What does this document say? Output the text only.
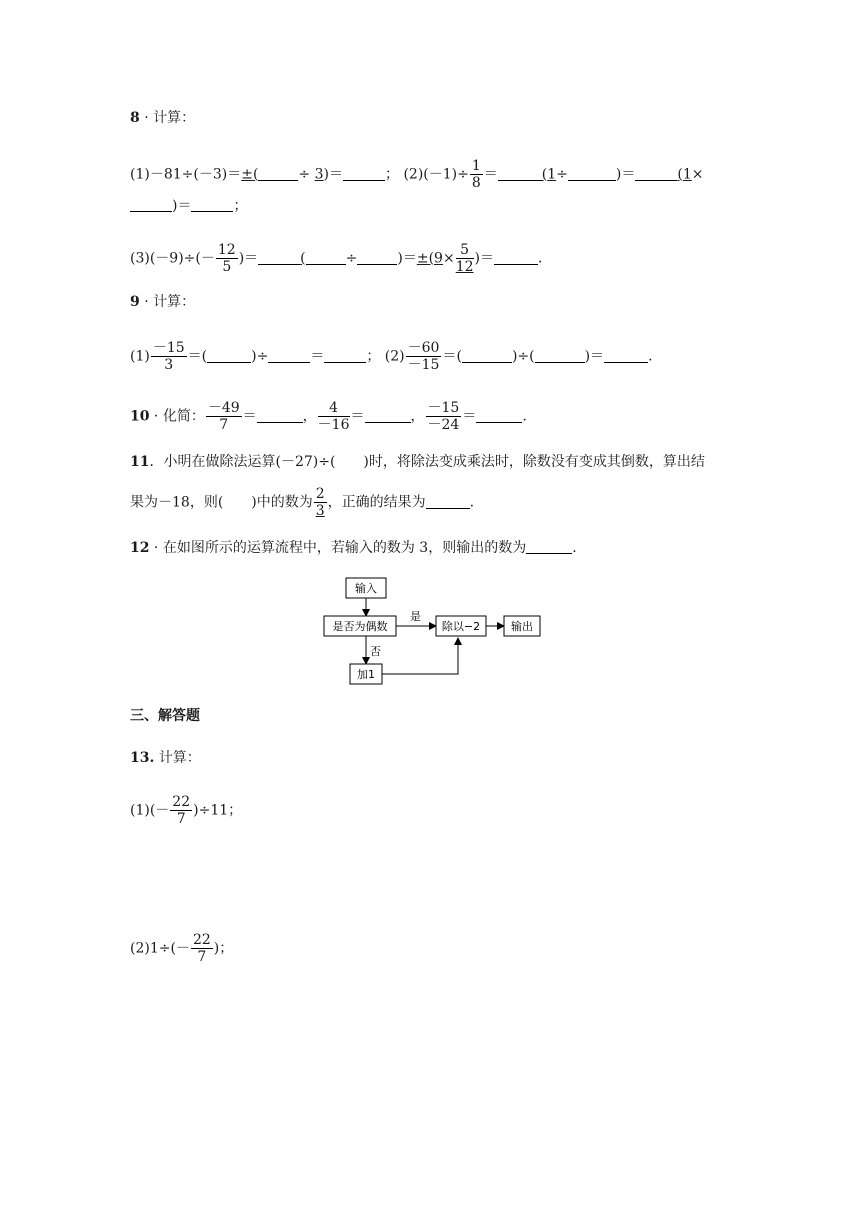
8 · 计算：
(1)－81÷(－3)＝±(	÷ 3)＝	； $(2)(-1)\div \frac{1}{8}$ ＝	(1÷	)＝	(1×
)＝	；
$(3)(-9)\div(- \frac{12}{5}$ )＝	(	÷	)$=\pm(9\times \frac{5}{12}$ )＝	.
9 · 计算：
$(1) \frac{-15}{3}$ ＝(	)÷	＝	； $(2) \frac{-60}{-15}$ ＝(	)÷(	)＝	.
10 · 化简： $\frac{-49}{7}$ ＝	， $\frac{4}{-16}$ ＝	， $\frac{-15}{-24}$ ＝	.
11．小明在做除法运算(－27)÷(　　)时，将除法变成乘法时，除数没有变成其倒数，算出结
果为－18，则(　　)中的数为 $\frac{2}{3}$ ，正确的结果为	.
12 · 在如图所示的运算流程中，若输入的数为 3，则输出的数为	.
输入
是否为偶数
是
除以−2	输出
否
加1
三、解答题
13. 计算：
$(1)(- \frac{22}{7} )\div 11$；
$(2)1\div(- \frac{22}{7}$ )；
